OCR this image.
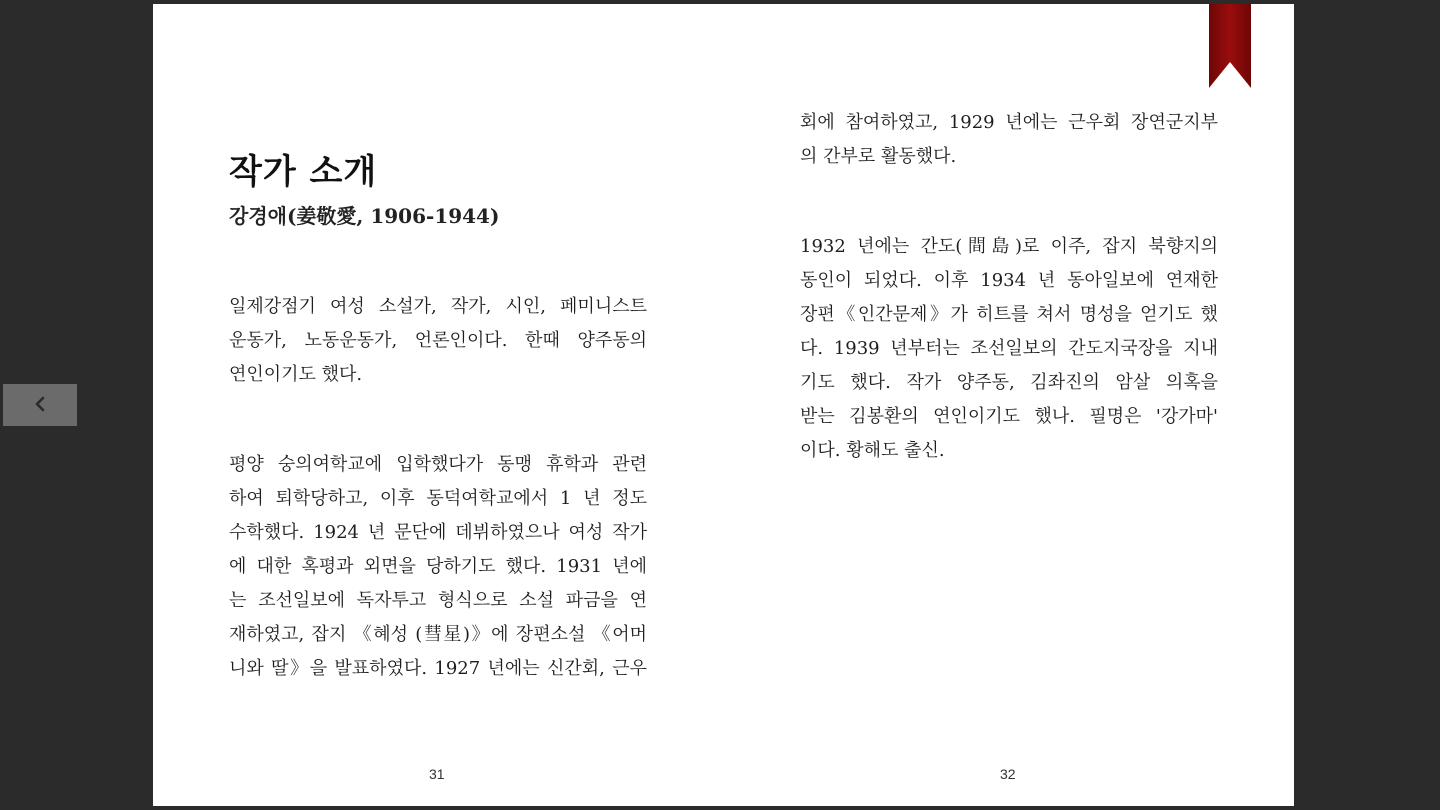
작가 소개
강경애(姜敬愛, 1906-1944)

일제강점기 여성 소설가, 작가, 시인, 페미니스트
운동가, 노동운동가, 언론인이다. 한때 양주동의
연인이기도 했다.

평양 숭의여학교에 입학했다가 동맹 휴학과 관련
하여 퇴학당하고, 이후 동덕여학교에서 1 년 정도
수학했다. 1924 년 문단에 데뷔하였으나 여성 작가
에 대한 혹평과 외면을 당하기도 했다. 1931 년에
는 조선일보에 독자투고 형식으로 소설 파금을 연
재하였고, 잡지 《혜성 (彗星)》에 장편소설 《어머
니와 딸》을 발표하였다. 1927 년에는 신간회, 근우

31

회에 참여하였고, 1929 년에는 근우회 장연군지부
의 간부로 활동했다.

1932 년에는 간도(間島)로 이주, 잡지 북향지의
동인이 되었다. 이후 1934 년 동아일보에 연재한
장편《인간문제》가 히트를 쳐서 명성을 얻기도 했
다. 1939 년부터는 조선일보의 간도지국장을 지내
기도 했다. 작가 양주동, 김좌진의 암살 의혹을
받는 김봉환의 연인이기도 했나. 필명은 '강가마'
이다. 황해도 출신.

32
